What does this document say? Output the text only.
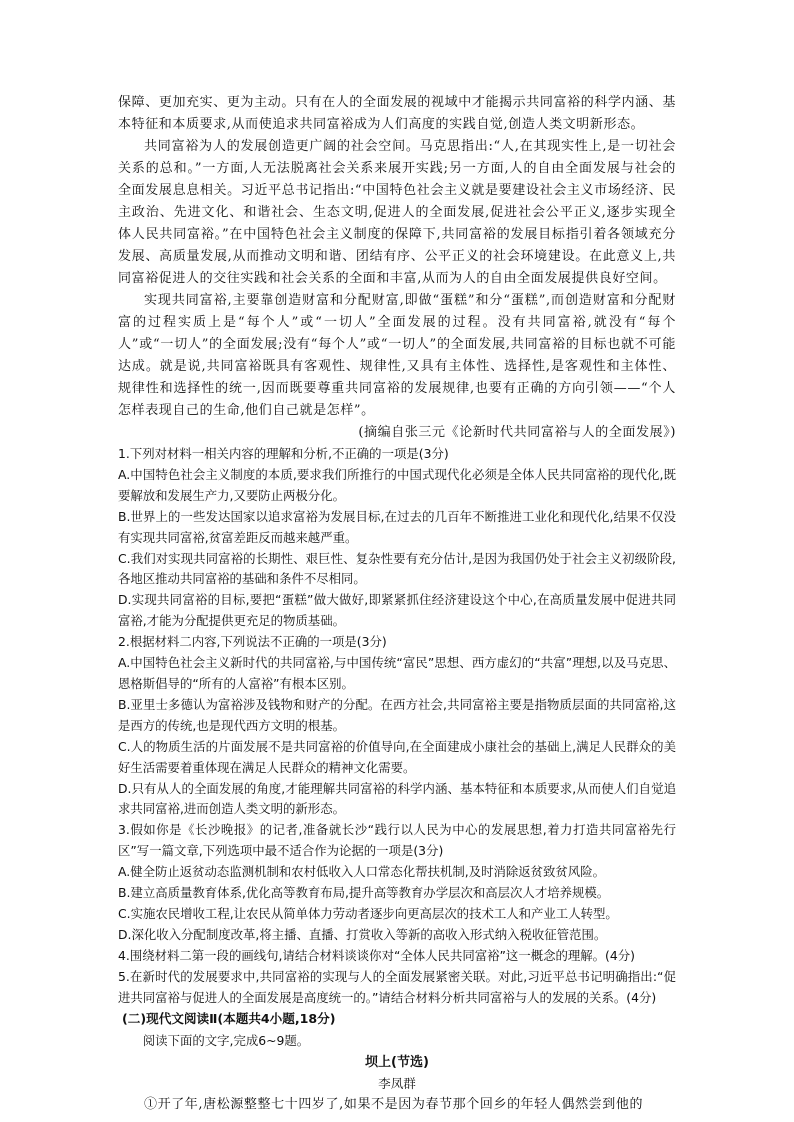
保障、更加充实、更为主动。只有在人的全面发展的视域中才能揭示共同富裕的科学内涵、基本特征和本质要求,从而使追求共同富裕成为人们高度的实践自觉,创造人类文明新形态。

共同富裕为人的发展创造更广阔的社会空间。马克思指出:“人,在其现实性上,是一切社会关系的总和。”一方面,人无法脱离社会关系来展开实践;另一方面,人的自由全面发展与社会的全面发展息息相关。习近平总书记指出:“中国特色社会主义就是要建设社会主义市场经济、民主政治、先进文化、和谐社会、生态文明,促进人的全面发展,促进社会公平正义,逐步实现全体人民共同富裕。”在中国特色社会主义制度的保障下,共同富裕的发展目标指引着各领域充分发展、高质量发展,从而推动文明和谐、团结有序、公平正义的社会环境建设。在此意义上,共同富裕促进人的交往实践和社会关系的全面和丰富,从而为人的自由全面发展提供良好空间。

实现共同富裕,主要靠创造财富和分配财富,即做“蛋糕”和分“蛋糕”,而创造财富和分配财富的过程实质上是“每个人”或“一切人”全面发展的过程。没有共同富裕,就没有“每个人”或“一切人”的全面发展;没有“每个人”或“一切人”的全面发展,共同富裕的目标也就不可能达成。就是说,共同富裕既具有客观性、规律性,又具有主体性、选择性,是客观性和主体性、规律性和选择性的统一,因而既要尊重共同富裕的发展规律,也要有正确的方向引领——“个人怎样表现自己的生命,他们自己就是怎样”。

(摘编自张三元《论新时代共同富裕与人的全面发展》)

1.下列对材料一相关内容的理解和分析,不正确的一项是(3分)

A.中国特色社会主义制度的本质,要求我们所推行的中国式现代化必须是全体人民共同富裕的现代化,既要解放和发展生产力,又要防止两极分化。

B.世界上的一些发达国家以追求富裕为发展目标,在过去的几百年不断推进工业化和现代化,结果不仅没有实现共同富裕,贫富差距反而越来越严重。

C.我们对实现共同富裕的长期性、艰巨性、复杂性要有充分估计,是因为我国仍处于社会主义初级阶段,各地区推动共同富裕的基础和条件不尽相同。

D.实现共同富裕的目标,要把“蛋糕”做大做好,即紧紧抓住经济建设这个中心,在高质量发展中促进共同富裕,才能为分配提供更充足的物质基础。

2.根据材料二内容,下列说法不正确的一项是(3分)

A.中国特色社会主义新时代的共同富裕,与中国传统“富民”思想、西方虚幻的“共富”理想,以及马克思、恩格斯倡导的“所有的人富裕”有根本区别。

B.亚里士多德认为富裕涉及钱物和财产的分配。在西方社会,共同富裕主要是指物质层面的共同富裕,这是西方的传统,也是现代西方文明的根基。

C.人的物质生活的片面发展不是共同富裕的价值导向,在全面建成小康社会的基础上,满足人民群众的美好生活需要着重体现在满足人民群众的精神文化需要。

D.只有从人的全面发展的角度,才能理解共同富裕的科学内涵、基本特征和本质要求,从而使人们自觉追求共同富裕,进而创造人类文明的新形态。

3.假如你是《长沙晚报》的记者,准备就长沙“践行以人民为中心的发展思想,着力打造共同富裕先行区”写一篇文章,下列选项中最不适合作为论据的一项是(3分)

A.健全防止返贫动态监测机制和农村低收入人口常态化帮扶机制,及时消除返贫致贫风险。

B.建立高质量教育体系,优化高等教育布局,提升高等教育办学层次和高层次人才培养规模。

C.实施农民增收工程,让农民从简单体力劳动者逐步向更高层次的技术工人和产业工人转型。

D.深化收入分配制度改革,将主播、直播、打赏收入等新的高收入形式纳入税收征管范围。

4.围绕材料二第一段的画线句,请结合材料谈谈你对“全体人民共同富裕”这一概念的理解。(4分)

5.在新时代的发展要求中,共同富裕的实现与人的全面发展紧密关联。对此,习近平总书记明确指出:“促进共同富裕与促进人的全面发展是高度统一的。”请结合材料分析共同富裕与人的发展的关系。(4分)

(二)现代文阅读Ⅱ(本题共4小题,18分)

阅读下面的文字,完成6~9题。

坝上(节选)

李凤群

①开了年,唐松源整整七十四岁了,如果不是因为春节那个回乡的年轻人偶然尝到他的
